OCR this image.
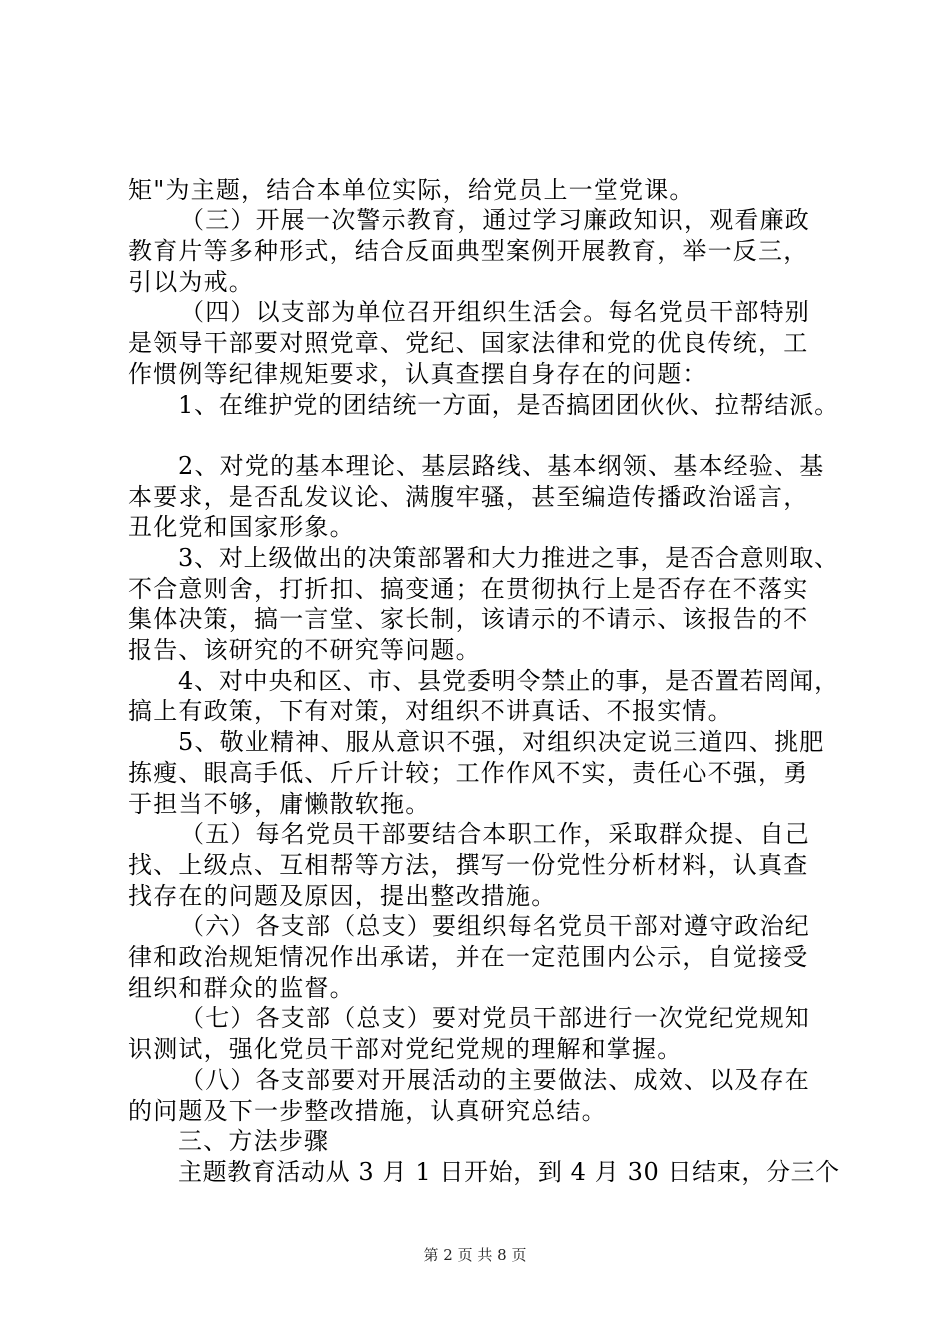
矩"为主题，结合本单位实际，给党员上一堂党课。
（三）开展一次警示教育，通过学习廉政知识，观看廉政
教育片等多种形式，结合反面典型案例开展教育，举一反三，
引以为戒。
（四）以支部为单位召开组织生活会。每名党员干部特别
是领导干部要对照党章、党纪、国家法律和党的优良传统，工
作惯例等纪律规矩要求，认真查摆自身存在的问题：
1、在维护党的团结统一方面，是否搞团团伙伙、拉帮结派。
2、对党的基本理论、基层路线、基本纲领、基本经验、基
本要求，是否乱发议论、满腹牢骚，甚至编造传播政治谣言，
丑化党和国家形象。
3、对上级做出的决策部署和大力推进之事，是否合意则取、
不合意则舍，打折扣、搞变通；在贯彻执行上是否存在不落实
集体决策，搞一言堂、家长制，该请示的不请示、该报告的不
报告、该研究的不研究等问题。
4、对中央和区、市、县党委明令禁止的事，是否置若罔闻，
搞上有政策，下有对策，对组织不讲真话、不报实情。
5、敬业精神、服从意识不强，对组织决定说三道四、挑肥
拣瘦、眼高手低、斤斤计较；工作作风不实，责任心不强，勇
于担当不够，庸懒散软拖。
（五）每名党员干部要结合本职工作，采取群众提、自己
找、上级点、互相帮等方法，撰写一份党性分析材料，认真查
找存在的问题及原因，提出整改措施。
（六）各支部（总支）要组织每名党员干部对遵守政治纪
律和政治规矩情况作出承诺，并在一定范围内公示，自觉接受
组织和群众的监督。
（七）各支部（总支）要对党员干部进行一次党纪党规知
识测试，强化党员干部对党纪党规的理解和掌握。
（八）各支部要对开展活动的主要做法、成效、以及存在
的问题及下一步整改措施，认真研究总结。
三、方法步骤
主题教育活动从 3 月 1 日开始，到 4 月 30 日结束，分三个
第 2 页 共 8 页
